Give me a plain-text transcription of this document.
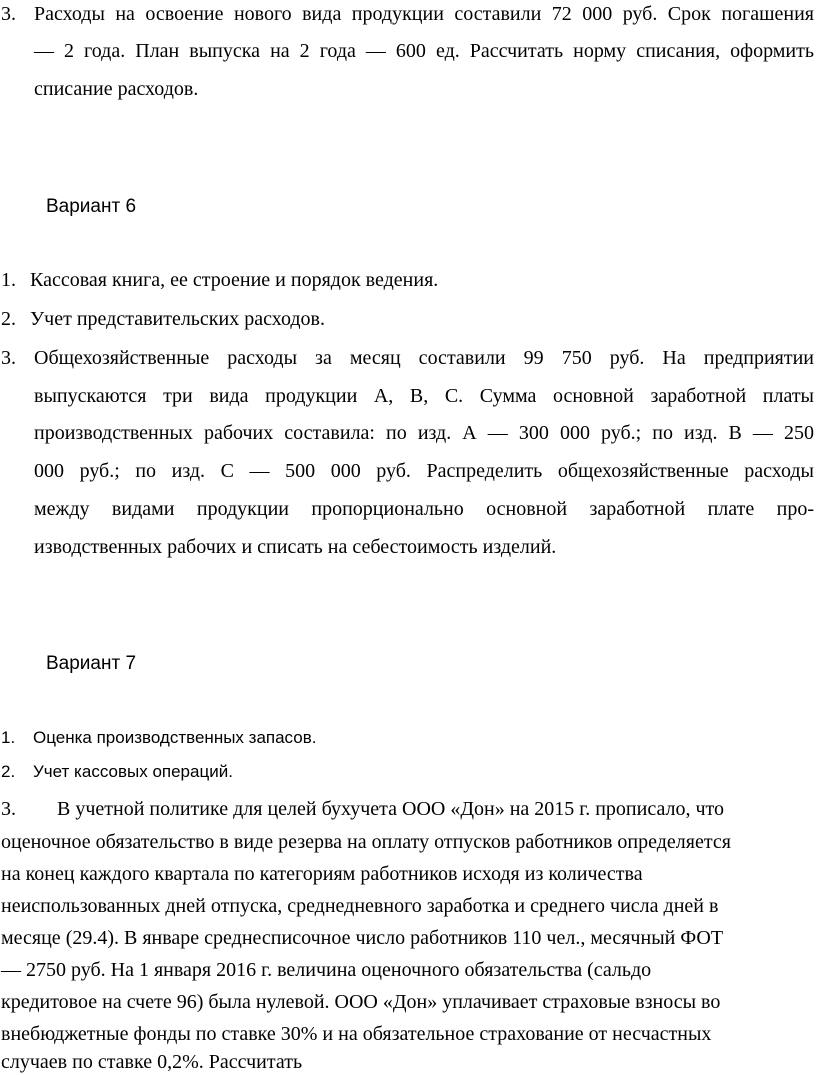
3. Расходы на освоение нового вида продукции составили 72 000 руб. Срок погашения
— 2 года. План выпуска на 2 года — 600 ед. Рассчитать норму списания, оформить
списание расходов.
Вариант 6
1. Кассовая книга, ее строение и порядок ведения.
2. Учет представительских расходов.
3. Общехозяйственные расходы за месяц составили 99 750 руб. На предприятии
выпускаются три вида продукции А, В, С. Сумма основной заработной платы
производственных рабочих составила: по изд. А — 300 000 руб.; по изд. В — 250
000 руб.; по изд. С — 500 000 руб. Распределить общехозяйственные расходы
между видами продукции пропорционально основной заработной плате про-
изводственных рабочих и списать на себестоимость изделий.
Вариант 7
1. Оценка производственных запасов.
2. Учет кассовых операций.
3. В учетной политике для целей бухучета ООО «Дон» на 2015 г. прописало, что
оценочное обязательство в виде резерва на оплату отпусков работников определяется
на конец каждого квартала по категориям работников исходя из количества
неиспользованных дней отпуска, среднедневного заработка и среднего числа дней в
месяце (29.4). В январе среднесписочное число работников 110 чел., месячный ФОТ
— 2750 руб. На 1 января 2016 г. величина оценочного обязательства (сальдо
кредитовое на счете 96) была нулевой. ООО «Дон» уплачивает страховые взносы во
внебюджетные фонды по ставке 30% и на обязательное страхование от несчастных
случаев по ставке 0,2%. Рассчитать
